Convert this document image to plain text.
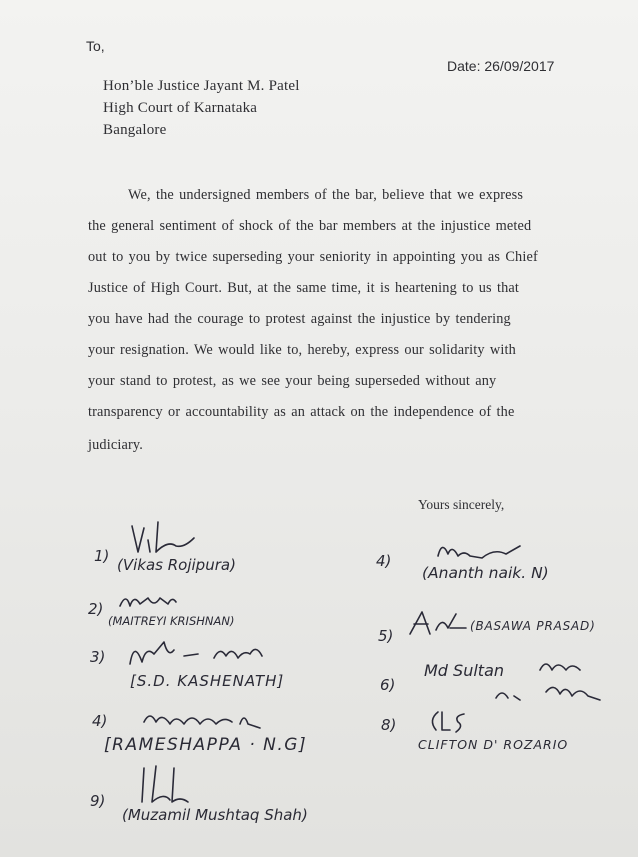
To,
Date: 26/09/2017
Hon’ble Justice Jayant M. Patel
High Court of Karnataka
Bangalore
We, the undersigned members of the bar, believe that we express
the general sentiment of shock of the bar members at the injustice meted
out to you by twice superseding your seniority in appointing you as Chief
Justice of High Court. But, at the same time, it is heartening to us that
you have had the courage to protest against the injustice by tendering
your resignation. We would like to, hereby, express our solidarity with
your stand to protest, as we see your being superseded without any
transparency or accountability as an attack on the independence of the
judiciary.
Yours sincerely,
1) (Vikas Rojipura)
2)
(MAITREYI KRISHNAN)
3)
[S.D. KASHENATH]
4)
[RAMESHAPPA · N.G]
9)
(Muzamil Mushtaq Shah)
4)
(Ananth naik. N)
5)
(BASAWA PRASAD)
6)
Md Sultan
8)
CLIFTON D' ROZARIO
